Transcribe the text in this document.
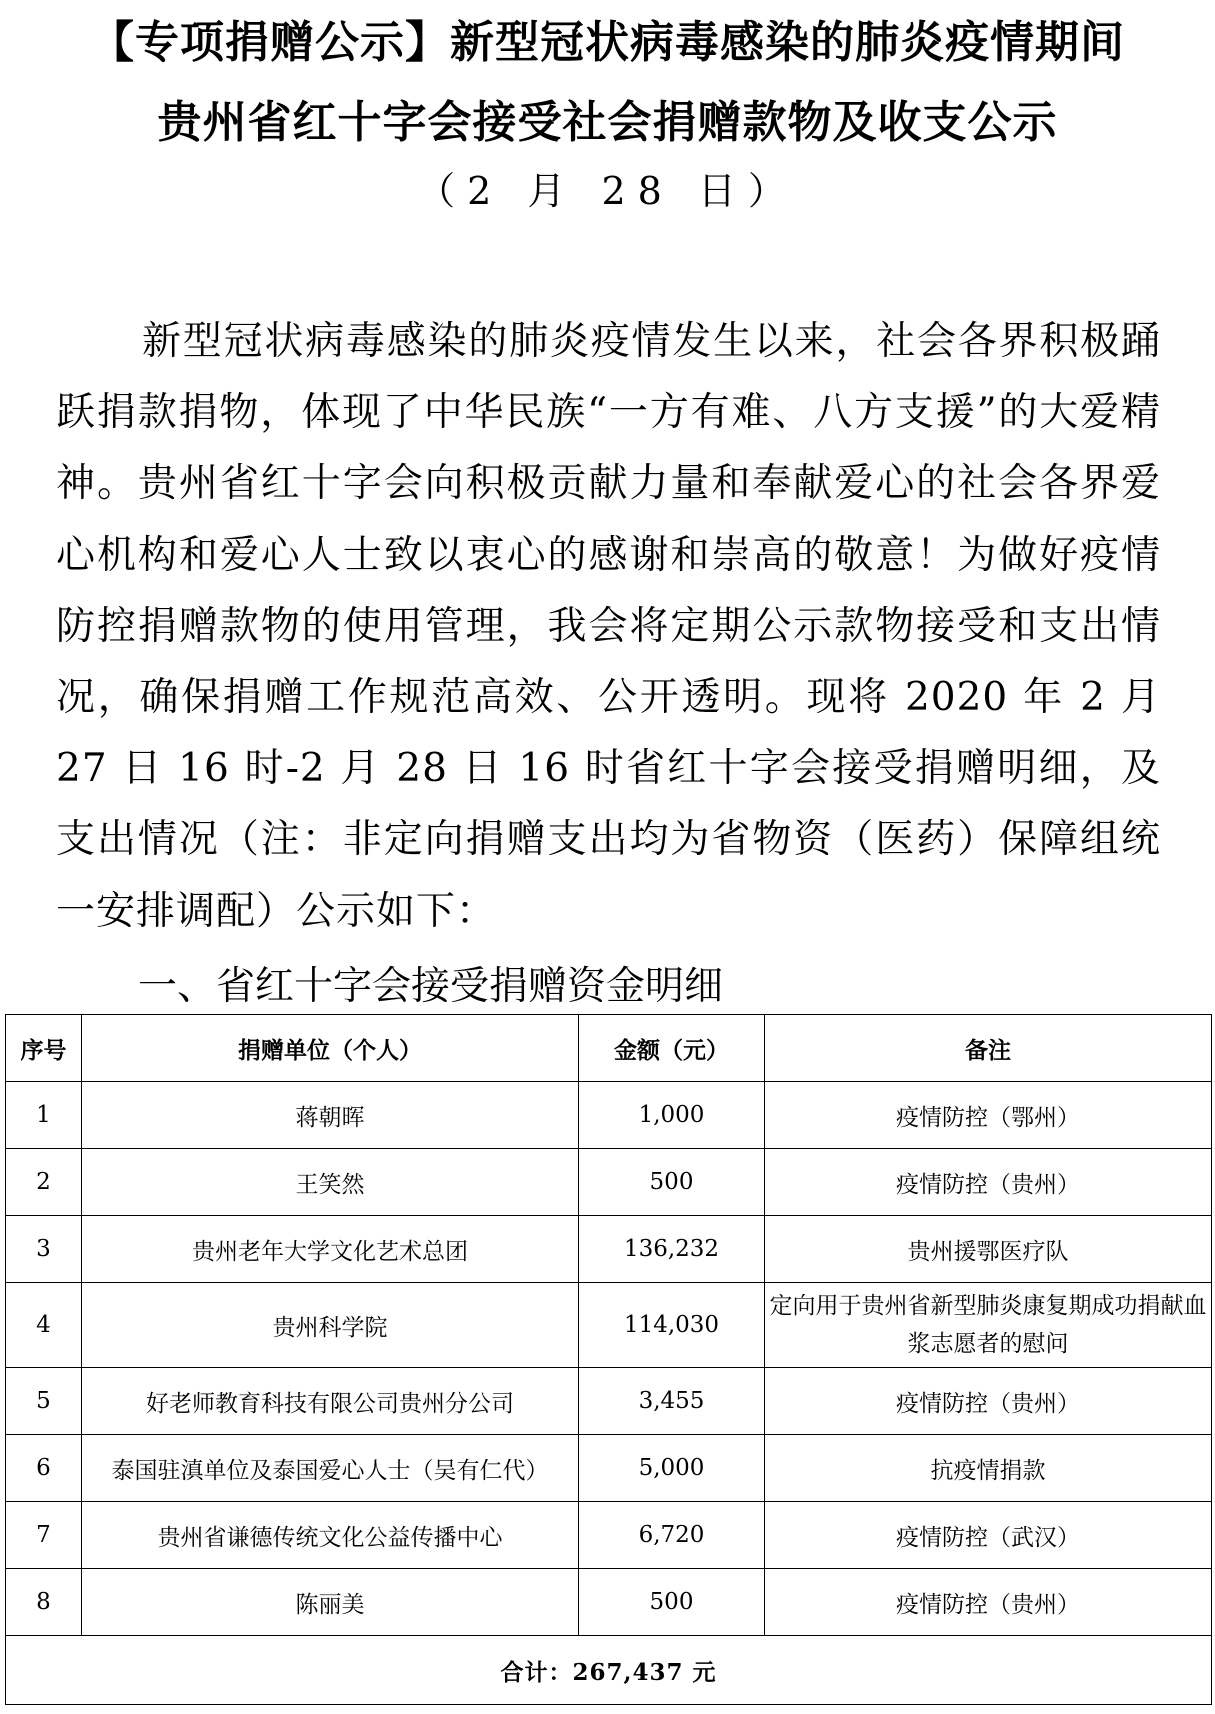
【专项捐赠公示】新型冠状病毒感染的肺炎疫情期间
贵州省红十字会接受社会捐赠款物及收支公示
（2 月 28 日）

新型冠状病毒感染的肺炎疫情发生以来，社会各界积极踊跃捐款捐物，体现了中华民族“一方有难、八方支援”的大爱精神。贵州省红十字会向积极贡献力量和奉献爱心的社会各界爱心机构和爱心人士致以衷心的感谢和崇高的敬意！为做好疫情防控捐赠款物的使用管理，我会将定期公示款物接受和支出情况，确保捐赠工作规范高效、公开透明。现将 2020 年 2 月 27 日 16 时-2 月 28 日 16 时省红十字会接受捐赠明细，及支出情况（注：非定向捐赠支出均为省物资（医药）保障组统一安排调配）公示如下：

一、省红十字会接受捐赠资金明细
序号	捐赠单位（个人）	金额（元）	备注
1	蒋朝晖	1,000	疫情防控（鄂州）
2	王笑然	500	疫情防控（贵州）
3	贵州老年大学文化艺术总团	136,232	贵州援鄂医疗队
4	贵州科学院	114,030	定向用于贵州省新型肺炎康复期成功捐献血浆志愿者的慰问
5	好老师教育科技有限公司贵州分公司	3,455	疫情防控（贵州）
6	泰国驻滇单位及泰国爱心人士（吴有仁代）	5,000	抗疫情捐款
7	贵州省谦德传统文化公益传播中心	6,720	疫情防控（武汉）
8	陈丽美	500	疫情防控（贵州）
合计：267,437 元			
